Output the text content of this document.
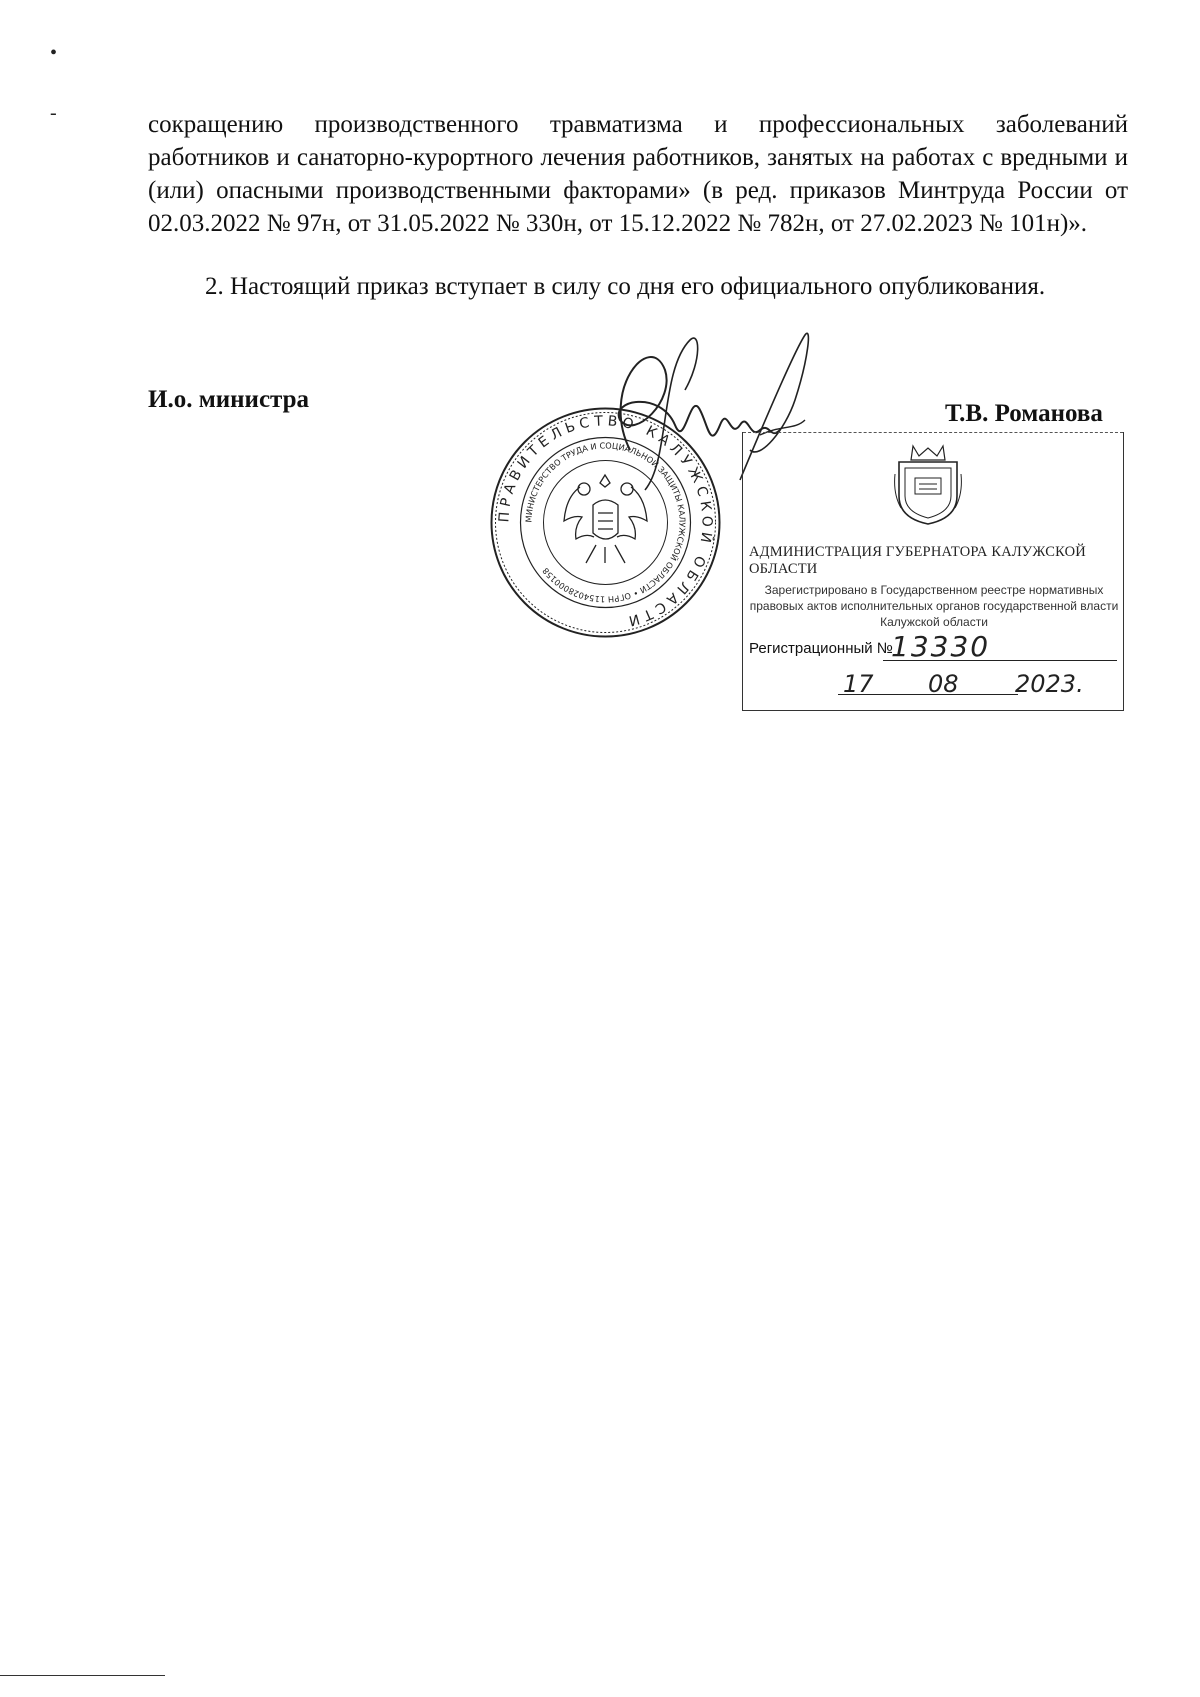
•
-	сокращению производственного травматизма и профессиональных заболеваний работников и санаторно-курортного лечения работников, занятых на работах с вредными и (или) опасными производственными факторами» (в ред. приказов Минтруда России от 02.03.2022 № 97н, от 31.05.2022 № 330н, от 15.12.2022 № 782н, от 27.02.2023 № 101н)».

2. Настоящий приказ вступает в силу со дня его официального опубликования.
И.о. министра
Т.В. Романова
ПРАВИТЕЛЬСТВО КАЛУЖСКОЙ ОБЛАСТИ
МИНИСТЕРСТВО ТРУДА И СОЦИАЛЬНОЙ ЗАЩИТЫ КАЛУЖСКОЙ ОБЛАСТИ • ОГРН 1154028000158
АДМИНИСТРАЦИЯ ГУБЕРНАТОРА КАЛУЖСКОЙ ОБЛАСТИ
Зарегистрировано в Государственном реестре нормативных правовых актов исполнительных органов государственной власти Калужской области
Регистрационный №
13330
17 08 2023.
